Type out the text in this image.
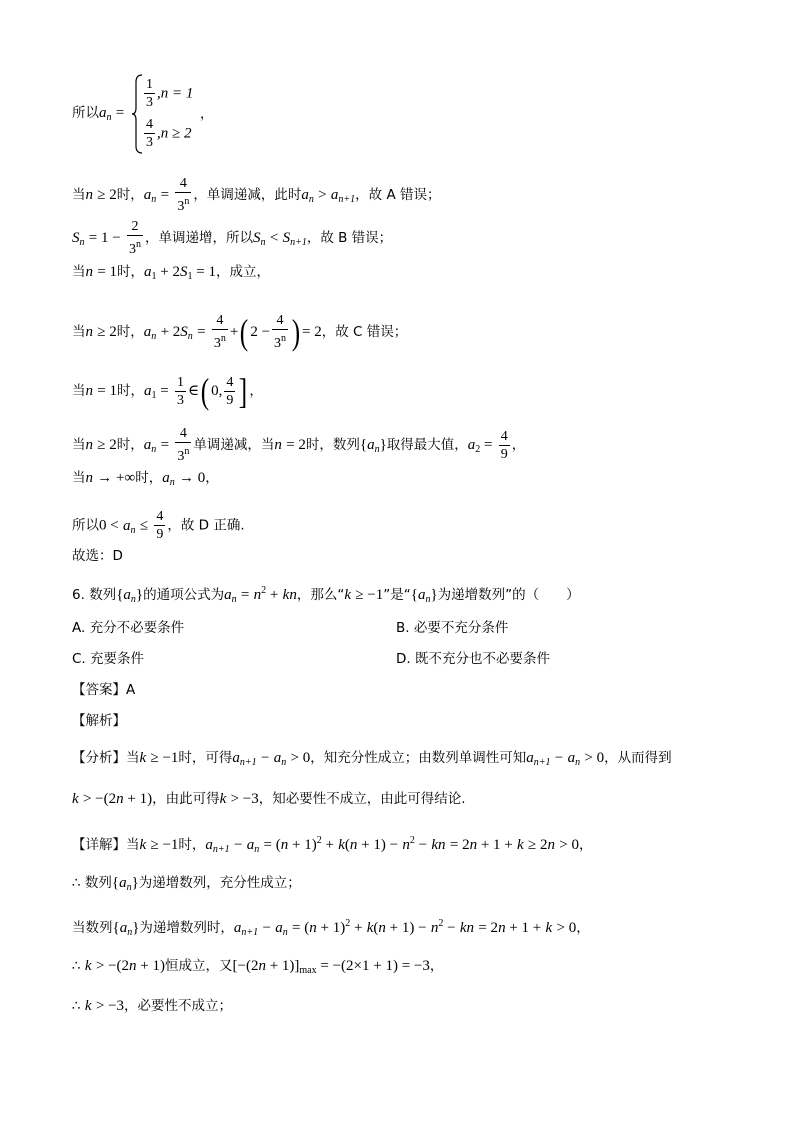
所以$a_n$ =
$\frac{1}{3} ,n = 1$
$\frac{4}{3} ,n \ge 2$
，
当n ≥ 2时，$a_n = \frac{4}{3^n}$ ，单调递减，此时$a_n > a_{n+1}$，故 A 错误；
$S_n = 1 - \frac{2}{3^n}$ ，单调递增，所以$S_n < S_{n+1}$，故 B 错误；
当n = 1时，$a_1 + 2S_1 = 1$，成立，
当n ≥ 2时，$a_n + 2S_n = \frac{4}{3^n}$ +( $2 - \frac{4}{3^n}$ ) = 2，故 C 错误；
当n = 1时，$a_1 = \frac{1}{3}$ ∈( 0, $\frac{4}{9}$ ] ，
当n ≥ 2时，$a_n = \frac{4}{3^n}$ 单调递减，当n = 2时，数列$\{a_n\}$取得最大值，$a_2 = \frac{4}{9}$ ，
当n → +∞时，$a_n \to 0$，
所以$0 < a_n \le \frac{4}{9}$ ，故 D 正确.
故选：D
6. 数列$\{a_n\}$的通项公式为$a_n = n^2$ + kn，那么“k ≥ −1”是“$\{a_n\}$为递增数列”的（　　）
A. 充分不必要条件	B. 必要不充分条件
C. 充要条件	D. 既不充分也不必要条件
【答案】A
【解析】
【分析】当k ≥ −1时，可得$a_{n+1} - a_n > 0$，知充分性成立；由数列单调性可知$a_{n+1} - a_n > 0$，从而得到
k > −(2n + 1)，由此可得k > −3，知必要性不成立，由此可得结论.
【详解】当k ≥ −1时，$a_{n+1} - a_n = (n + 1)^2 + k(n + 1) - n^2$ − kn = 2n + 1 + k ≥ 2n > 0，
∴ 数列$\{a_n\}$为递增数列，充分性成立；
当数列$\{a_n\}$为递增数列时，$a_{n+1} - a_n = (n + 1)^2 + k(n + 1) - n^2$ − kn = 2n + 1 + k > 0，
∴ k > −(2n + 1)恒成立，又$[-(2n + 1)]_{max} = -(2\times 1 + 1) = -3$，
∴ k > −3，必要性不成立；
